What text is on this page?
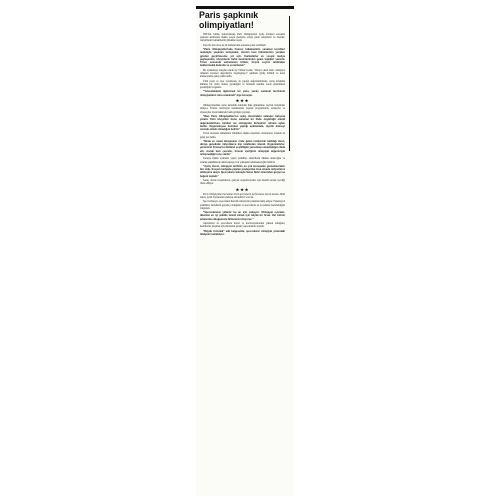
Paris şapkınık olimpiyatları!

TRT'nin tvitine, sunucularının Paris Olimpiyatları açılış törenleri sırasında şapkasız kalmasına ilişkin sosyal medyada ortaya çıkan tartışmalar ve öneriler, izleyicilerin beklentilerini gündeme taşıdı.

Kısa bir süre önce de bir kullanıcının sorusuna yanıt verilmişti:

"Paris Olimpiyatları'nda Fransız hükümetinin sanatsal tercihleri nedeniyle yaşanan tartışmalar, törenin bazı bölümlerinin yeniden gözden geçirilmesine yol açtı. Karikatürler ve sosyal medya paylaşımları, izleyicilerin farklı kesimlerinden gelen tepkileri yansıttı. Tören sırasında sahnelenen bölüm, birçok seyirci tarafından beklenmedik bulundu ve yorumlandı."

Bu açıklamaya karşılık olarak ise Yılmaz Gezik, "Ortaya çıkan tablo, olimpiyat ruhunun evrensel değerleriyle bağdaşmıyor" şeklinde görüş bildirdi ve konu kamuoyunda geniş yankı buldu.

Ünlü yazar ve spor yorumcusu da yaptığı değerlendirmede, açılış töreninin kültürel bir vitrin olması gerektiğini ve herkesin kendini orada görebilmesi gerektiğini vurguladı.

"Yolsuzluklarla ilgilenmek bir yana, yanlış sanatsal tercihlerle olimpiyatların ruhu zedelendi" diye konuştu.

★★★

Olimpiyatlardaki açılış töreninin ardından ülke gündemine yayılan tartışmalar sürüyor. Fransız televizyon kanallarında yapılan programlarda, sanatçılar ve siyasetçiler tören hakkında farklı görüşler paylaştı.

"Bazı Paris Olimpiyatları'nın açılış törenindeki sahneler tartışma yarattı. Kimi izleyiciler bunu sanatsal bir ifade özgürlüğü olarak değerlendirirken, kimileri ise olimpiyatın birleştirici ruhuna aykırı buldu. Organizasyon komitesi yaptığı açıklamada, niyetin kimseyi rencide etmek olmadığını belirtti."

Tören sırasında sahnelenen bölümlere ilişkin eleştiriler, uluslararası basında da geniş yer buldu.

"Moda ve sanat dünyasının önde gelen isimlerinin katıldığı tören, dünya genelinde milyonlarca kişi tarafından izlendi. Organizatörler, gösterinin Fransa'nın kültürel çeşitliliğini yansıtmayı amaçladığını ifade etti. Ancak bazı çevreler, törenin içeriğinin olimpiyat değerleriyle örtüşmediğini öne sürdü."

Konuya ilişkin açıklama yapan yetkililer, eleştirilerin dikkate alınacağını ve sonraki etkinliklerde daha kapsayıcı bir yaklaşım benimseneceğini bildirdi.

"Açılış töreni, olimpiyat tarihinin en çok konuşulan gösterilerinden biri oldu. Sosyal medyada yapılan paylaşımlar kısa sürede milyonlarca etkileşime ulaştı. Sporcuların tekneyle Seine Nehri üzerinden geçişi ise beğeni topladı."

Sonuç olarak tartışmaların, gelecek organizasyonlar için önemli dersler içerdiği ifade ediliyor.

★★★

Paris Olimpiyatları'na katılan Türk sporcuların performansı merak konusu. Milli takım, farklı branşlarda madalya mücadelesi verecek.

Spor kamuoyu, sporcuların hazırlık süreçlerini yakından takip ediyor. Federasyon yetkilileri, hedeflerin gerçekçi olduğunu ve sporcuların en iyi şekilde hazırlandığını vurguladı.

"Sporcularımız yıllardır bu an için çalışıyor. Olimpiyat oyunları, ülkemizi en iyi şekilde temsil etmek için büyük bir fırsat. Her birinin arkasında olduğumuzu bilmelerini istiyoruz."

Antrenörler de sporcuların moral ve motivasyonlarının yüksek olduğunu, hedeflerine ulaşmak için ellerinden geleni yapacaklarını söyledi.

"Büyük Yolculuk" adlı belgeselde, sporcuların olimpiyat yolundaki hikâyeleri anlatılıyor.
